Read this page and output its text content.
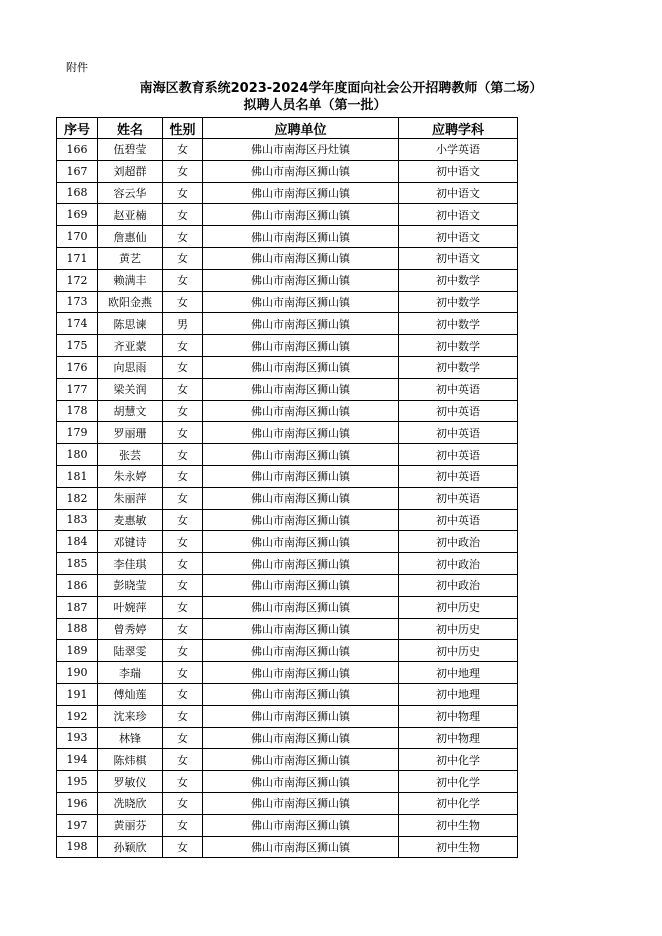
附件
南海区教育系统2023-2024学年度面向社会公开招聘教师（第二场）
拟聘人员名单（第一批）
序号	姓名	性别	应聘单位	应聘学科
166	伍碧莹	女	佛山市南海区丹灶镇	小学英语
167	刘超群	女	佛山市南海区狮山镇	初中语文
168	容云华	女	佛山市南海区狮山镇	初中语文
169	赵亚楠	女	佛山市南海区狮山镇	初中语文
170	詹惠仙	女	佛山市南海区狮山镇	初中语文
171	黄艺	女	佛山市南海区狮山镇	初中语文
172	赖满丰	女	佛山市南海区狮山镇	初中数学
173	欧阳金燕	女	佛山市南海区狮山镇	初中数学
174	陈思谏	男	佛山市南海区狮山镇	初中数学
175	齐亚蒙	女	佛山市南海区狮山镇	初中数学
176	向思雨	女	佛山市南海区狮山镇	初中数学
177	梁关润	女	佛山市南海区狮山镇	初中英语
178	胡慧文	女	佛山市南海区狮山镇	初中英语
179	罗丽珊	女	佛山市南海区狮山镇	初中英语
180	张芸	女	佛山市南海区狮山镇	初中英语
181	朱永婷	女	佛山市南海区狮山镇	初中英语
182	朱丽萍	女	佛山市南海区狮山镇	初中英语
183	麦惠敏	女	佛山市南海区狮山镇	初中英语
184	邓键诗	女	佛山市南海区狮山镇	初中政治
185	李佳琪	女	佛山市南海区狮山镇	初中政治
186	彭晓莹	女	佛山市南海区狮山镇	初中政治
187	叶婉萍	女	佛山市南海区狮山镇	初中历史
188	曾秀婷	女	佛山市南海区狮山镇	初中历史
189	陆翠雯	女	佛山市南海区狮山镇	初中历史
190	李瑞	女	佛山市南海区狮山镇	初中地理
191	傅灿莲	女	佛山市南海区狮山镇	初中地理
192	沈来珍	女	佛山市南海区狮山镇	初中物理
193	林锋	女	佛山市南海区狮山镇	初中物理
194	陈炜棋	女	佛山市南海区狮山镇	初中化学
195	罗敏仪	女	佛山市南海区狮山镇	初中化学
196	冼晓欣	女	佛山市南海区狮山镇	初中化学
197	黄丽芬	女	佛山市南海区狮山镇	初中生物
198	孙颖欣	女	佛山市南海区狮山镇	初中生物
